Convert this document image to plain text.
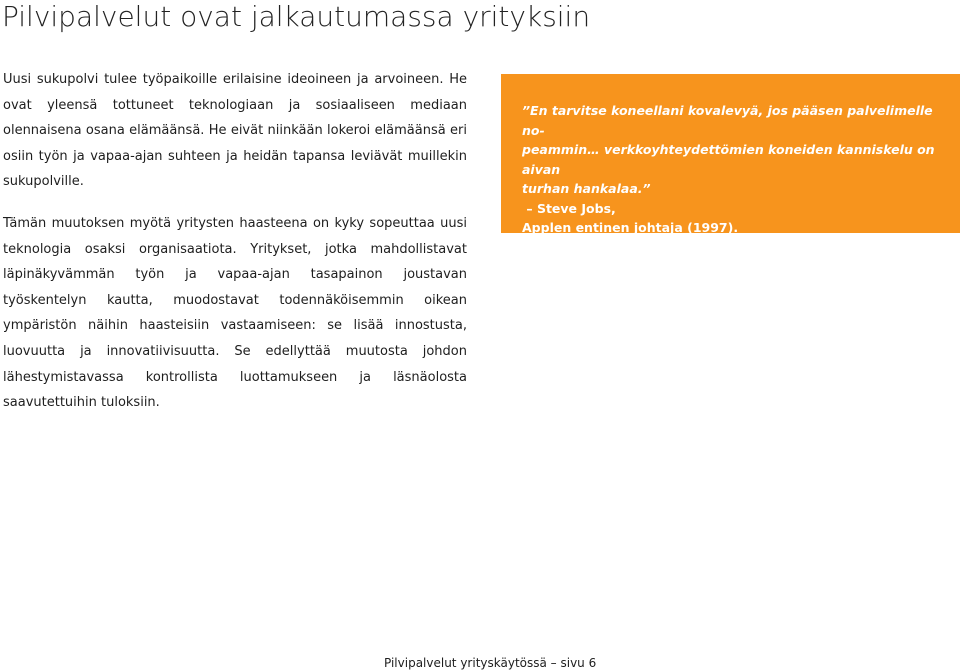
Pilvipalvelut ovat jalkautumassa yrityksiin

Uusi sukupolvi tulee työpaikoille erilaisine ideoineen ja arvoineen. He ovat yleensä tottuneet teknologiaan ja sosiaaliseen mediaan olennaisena osana elämäänsä. He eivät niinkään lokeroi elämäänsä eri osiin työn ja vapaa-ajan suhteen ja heidän tapansa leviävät muillekin sukupolville.

Tämän muutoksen myötä yritysten haasteena on kyky sopeuttaa uusi teknologia osaksi organisaatiota. Yritykset, jotka mahdollistavat läpinäkyvämmän työn ja vapaa-ajan tasapainon joustavan työskentelyn kautta, muodostavat todennäköisemmin oikean ympäristön näihin haasteisiin vastaamiseen: se lisää innostusta, luovuutta ja innovatiivisuutta. Se edellyttää muutosta johdon lähestymistavassa kontrollista luottamukseen ja läsnäolosta saavutettuihin tuloksiin.

”En tarvitse koneellani kovalevyä, jos pääsen palvelimelle no-
peammin… verkkoyhteydettömien koneiden kanniskelu on aivan
turhan hankalaa.”

– Steve Jobs,

Applen entinen johtaja (1997).

Pilvipalvelut yrityskäytössä – sivu 6
